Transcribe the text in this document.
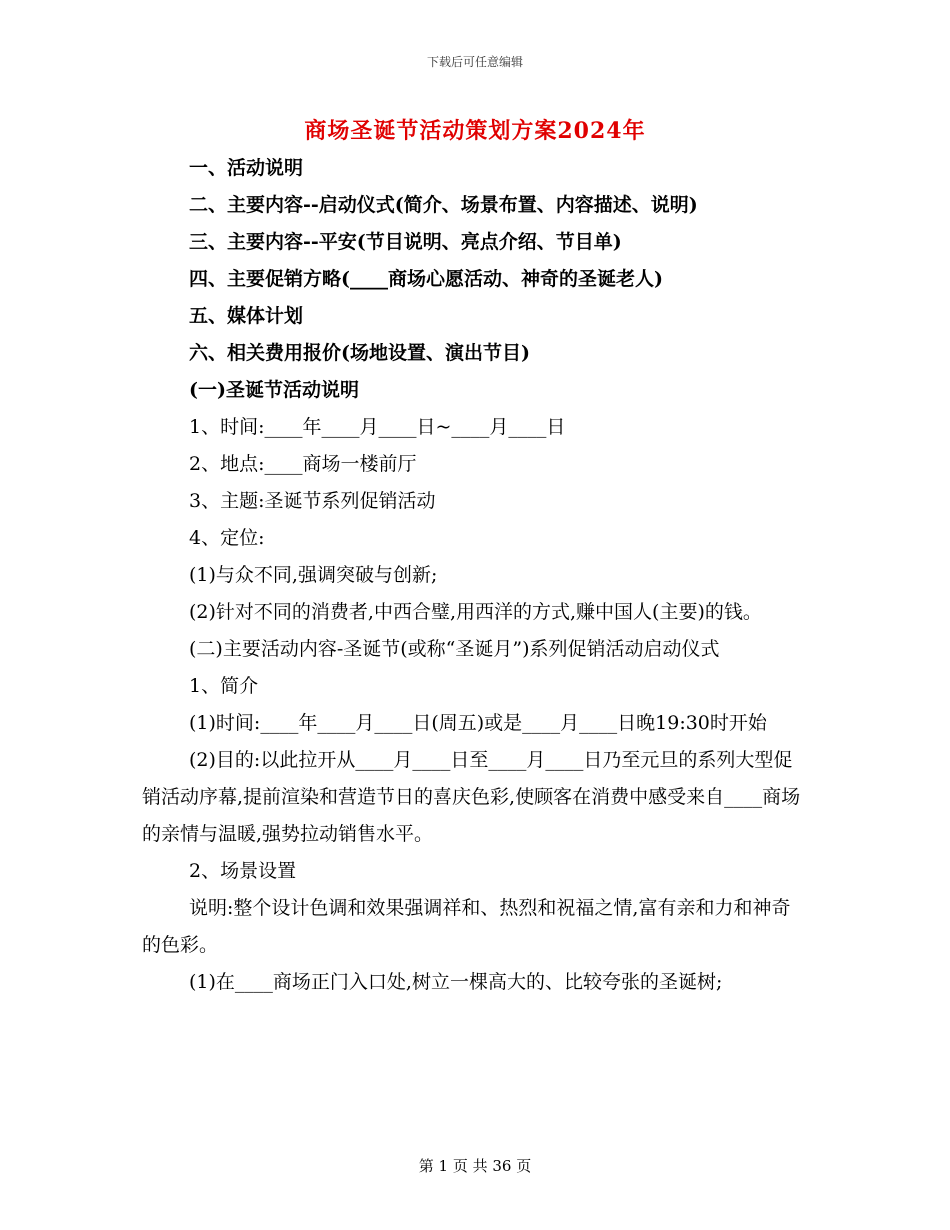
下载后可任意编辑
商场圣诞节活动策划方案2024年

一、活动说明

二、主要内容--启动仪式(简介、场景布置、内容描述、说明)

三、主要内容--平安(节目说明、亮点介绍、节目单)

四、主要促销方略(____商场心愿活动、神奇的圣诞老人)

五、媒体计划

六、相关费用报价(场地设置、演出节目)

(一)圣诞节活动说明

1、时间:____年____月____日~____月____日

2、地点:____商场一楼前厅

3、主题:圣诞节系列促销活动

4、定位:

(1)与众不同,强调突破与创新;

(2)针对不同的消费者,中西合璧,用西洋的方式,赚中国人(主要)的钱。

(二)主要活动内容-圣诞节(或称“圣诞月”)系列促销活动启动仪式

1、简介

(1)时间:____年____月____日(周五)或是____月____日晚19:30时开始

(2)目的:以此拉开从____月____日至____月____日乃至元旦的系列大型促销活动序幕,提前渲染和营造节日的喜庆色彩,使顾客在消费中感受来自____商场的亲情与温暖,强势拉动销售水平。

2、场景设置

说明:整个设计色调和效果强调祥和、热烈和祝福之情,富有亲和力和神奇的色彩。

(1)在____商场正门入口处,树立一棵高大的、比较夸张的圣诞树;

第 1 页 共 36 页
